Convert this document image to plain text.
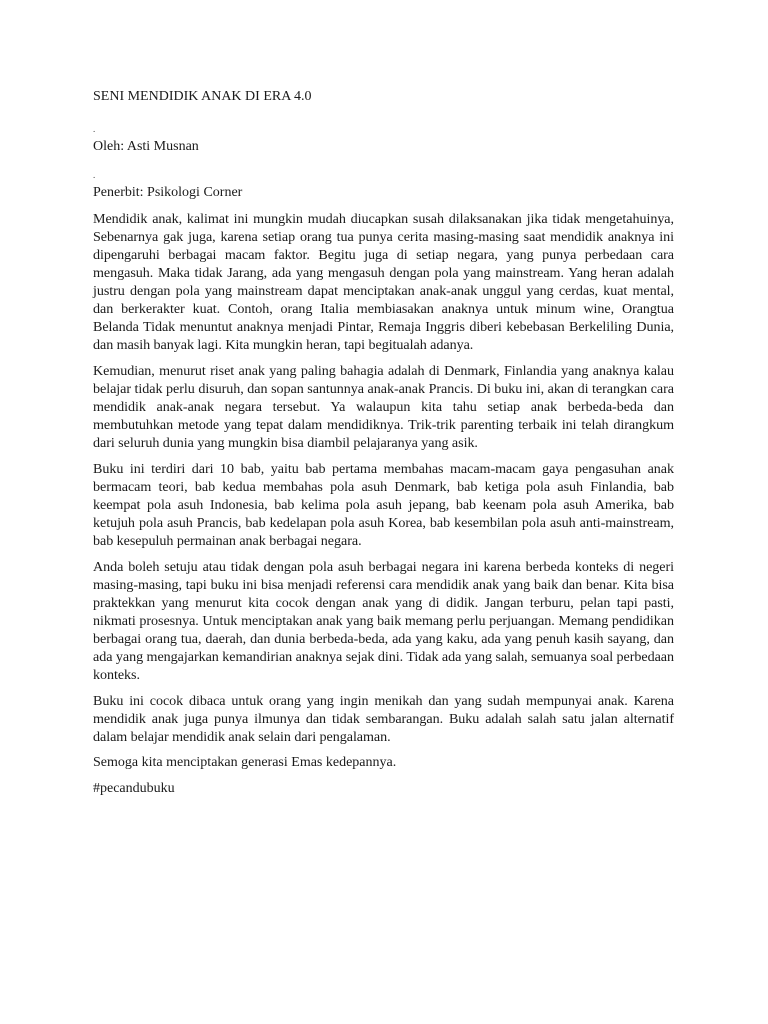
SENI MENDIDIK ANAK DI ERA 4.0

.

Oleh: Asti Musnan

.

Penerbit: Psikologi Corner

Mendidik anak, kalimat ini mungkin mudah diucapkan susah dilaksanakan jika tidak mengetahuinya, Sebenarnya gak juga, karena setiap orang tua punya cerita masing-masing saat mendidik anaknya ini dipengaruhi berbagai macam faktor. Begitu juga di setiap negara, yang punya perbedaan cara mengasuh. Maka tidak Jarang, ada yang mengasuh dengan pola yang mainstream. Yang heran adalah justru dengan pola yang mainstream dapat menciptakan anak-anak unggul yang cerdas, kuat mental, dan berkerakter kuat. Contoh, orang Italia membiasakan anaknya untuk minum wine, Orangtua Belanda Tidak menuntut anaknya menjadi Pintar, Remaja Inggris diberi kebebasan Berkeliling Dunia, dan masih banyak lagi. Kita mungkin heran, tapi begitualah adanya.

Kemudian, menurut riset anak yang paling bahagia adalah di Denmark, Finlandia yang anaknya kalau belajar tidak perlu disuruh, dan sopan santunnya anak-anak Prancis. Di buku ini, akan di terangkan cara mendidik anak-anak negara tersebut. Ya walaupun kita tahu setiap anak berbeda-beda dan membutuhkan metode yang tepat dalam mendidiknya. Trik-trik parenting terbaik ini telah dirangkum dari seluruh dunia yang mungkin bisa diambil pelajaranya yang asik.

Buku ini terdiri dari 10 bab, yaitu bab pertama membahas macam-macam gaya pengasuhan anak bermacam teori, bab kedua membahas pola asuh Denmark, bab ketiga pola asuh Finlandia, bab keempat pola asuh Indonesia, bab kelima pola asuh jepang, bab keenam pola asuh Amerika, bab ketujuh pola asuh Prancis, bab kedelapan pola asuh Korea, bab kesembilan pola asuh anti-mainstream, bab kesepuluh permainan anak berbagai negara.

Anda boleh setuju atau tidak dengan pola asuh berbagai negara ini karena berbeda konteks di negeri masing-masing, tapi buku ini bisa menjadi referensi cara mendidik anak yang baik dan benar. Kita bisa praktekkan yang menurut kita cocok dengan anak yang di didik. Jangan terburu, pelan tapi pasti, nikmati prosesnya. Untuk menciptakan anak yang baik memang perlu perjuangan. Memang pendidikan berbagai orang tua, daerah, dan dunia berbeda-beda, ada yang kaku, ada yang penuh kasih sayang, dan ada yang mengajarkan kemandirian anaknya sejak dini. Tidak ada yang salah, semuanya soal perbedaan konteks.

Buku ini cocok dibaca untuk orang yang ingin menikah dan yang sudah mempunyai anak. Karena mendidik anak juga punya ilmunya dan tidak sembarangan. Buku adalah salah satu jalan alternatif dalam belajar mendidik anak selain dari pengalaman.

Semoga kita menciptakan generasi Emas kedepannya.

#pecandubuku
